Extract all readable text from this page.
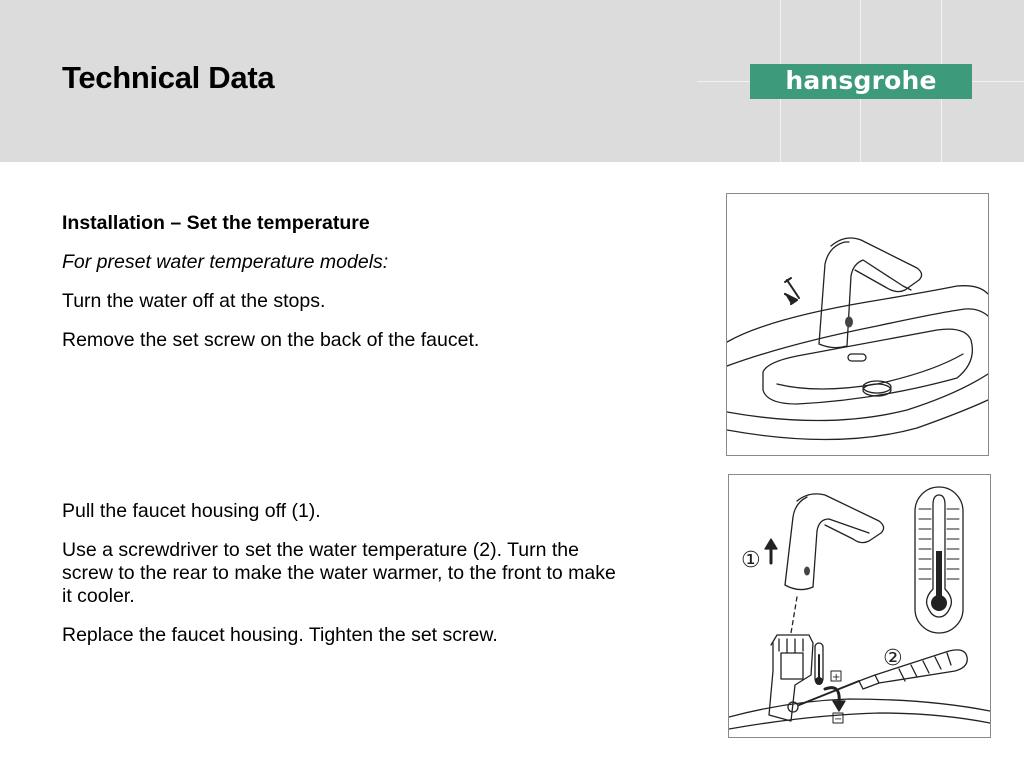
Technical Data	hansgrohe

Installation – Set the temperature

For preset water temperature models:

Turn the water off at the stops.

Remove the set screw on the back of the faucet.

Pull the faucet housing off (1).

Use a screwdriver to set the water temperature (2). Turn the screw to the rear to make the water warmer, to the front to make it cooler.

Replace the faucet housing. Tighten the set screw.

①
+
−
②
